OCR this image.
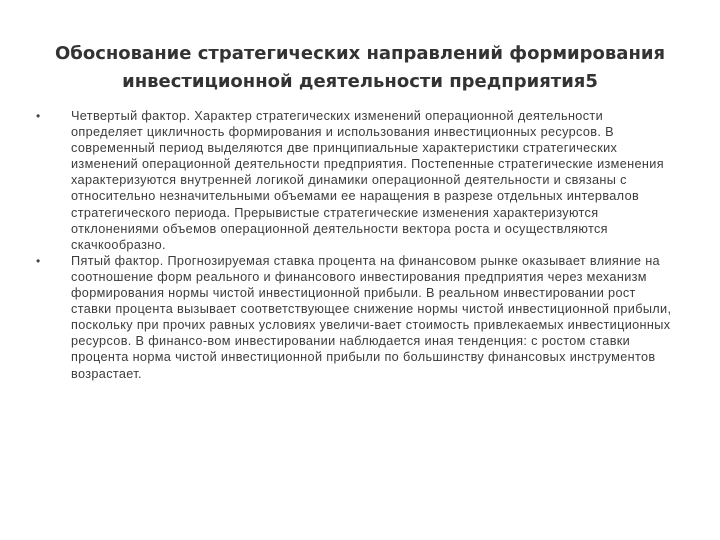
Обоснование стратегических направлений формирования
инвестиционной деятельности предприятия5
•	Четвертый фактор. Характер стратегических изменений операционной деятельности определяет цикличность формирования и использования инвестиционных ресурсов. В современный период выделяются две принципиальные характеристики стратегических изменений операционной деятельности предприятия. Постепенные стратегические изменения характеризуются внутренней логикой динамики операционной деятельности и связаны с относительно незначительными объемами ее наращения в разрезе отдельных интервалов стратегического периода. Прерывистые стратегические изменения характеризуются отклонениями объемов операционной деятельности вектора роста и осуществляются скачкообразно.
•	Пятый фактор. Прогнозируемая ставка процента на финансовом рынке оказывает влияние на соотношение форм реального и финансового инвестирования предприятия через механизм формирования нормы чистой инвестиционной прибыли. В реальном инвестировании рост ставки процента вызывает соответствующее снижение нормы чистой инвестиционной прибыли, поскольку при прочих равных условиях увеличи-вает стоимость привлекаемых инвестиционных ресурсов. В финансо-вом инвестировании наблюдается иная тенденция: с ростом ставки процента норма чистой инвестиционной прибыли по большинству финансовых инструментов возрастает.
